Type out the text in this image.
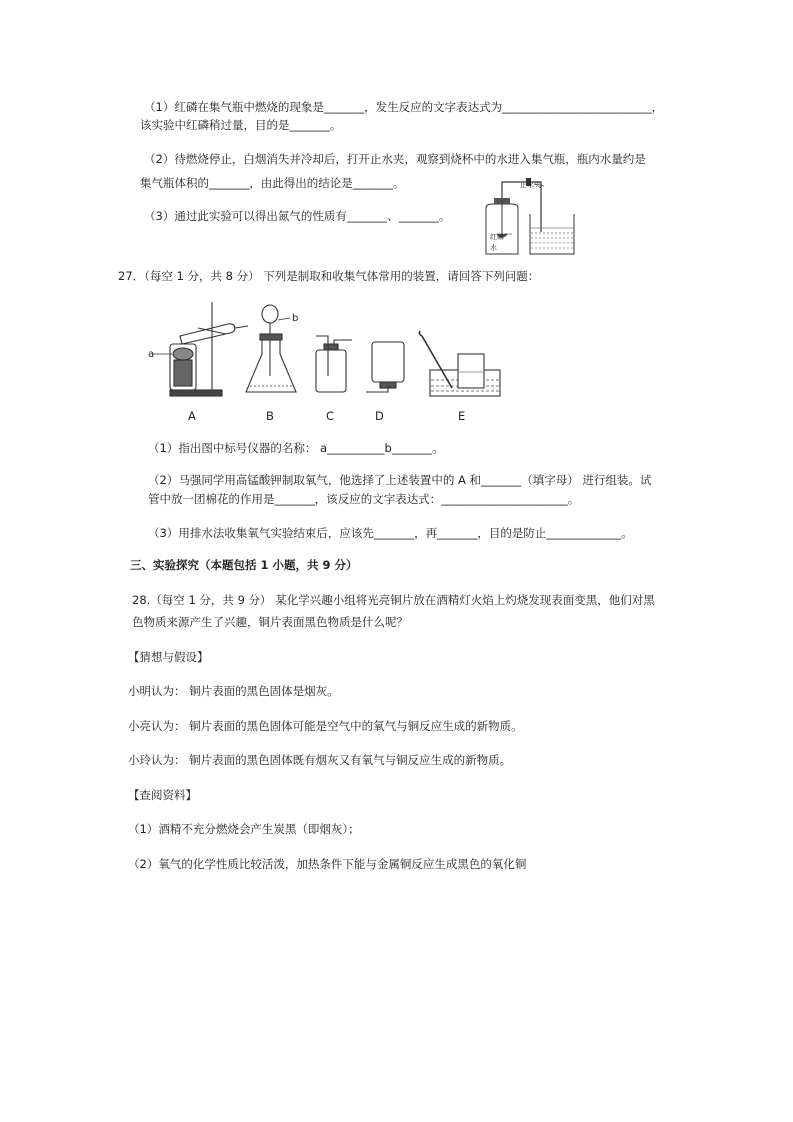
（1）红磷在集气瓶中燃烧的现象是_______，发生反应的文字表达式为__________________________，
该实验中红磷稍过量，目的是_______。
（2）待燃烧停止，白烟消失并冷却后，打开止水夹，观察到烧杯中的水进入集气瓶，瓶内水量约是
集气瓶体积的_______，由此得出的结论是_______。
（3）通过此实验可以得出氮气的性质有_______、_______。
止水夹
红磷
水
27．（每空 1 分，共 8 分） 下列是制取和收集气体常用的装置，请回答下列问题：
a
b
A	B	C	D	E
（1）指出图中标号仪器的名称： a__________b_______。
（2）马强同学用高锰酸钾制取氧气，他选择了上述装置中的 A 和_______（填字母） 进行组装。试
管中放一团棉花的作用是_______，该反应的文字表达式：______________________。
（3）用排水法收集氧气实验结束后，应该先_______，再_______，目的是防止_____________。
三、实验探究（本题包括 1 小题，共 9 分）
28.（每空 1 分，共 9 分） 某化学兴趣小组将光亮铜片放在酒精灯火焰上灼烧发现表面变黑，他们对黑
色物质来源产生了兴趣，铜片表面黑色物质是什么呢？
【猜想与假设】
小明认为： 铜片表面的黑色固体是烟灰。
小亮认为： 铜片表面的黑色固体可能是空气中的氧气与铜反应生成的新物质。
小玲认为： 铜片表面的黑色固体既有烟灰又有氧气与铜反应生成的新物质。
【查阅资料】
（1）酒精不充分燃烧会产生炭黑（即烟灰）；
（2）氧气的化学性质比较活泼，加热条件下能与金属铜反应生成黑色的氧化铜
